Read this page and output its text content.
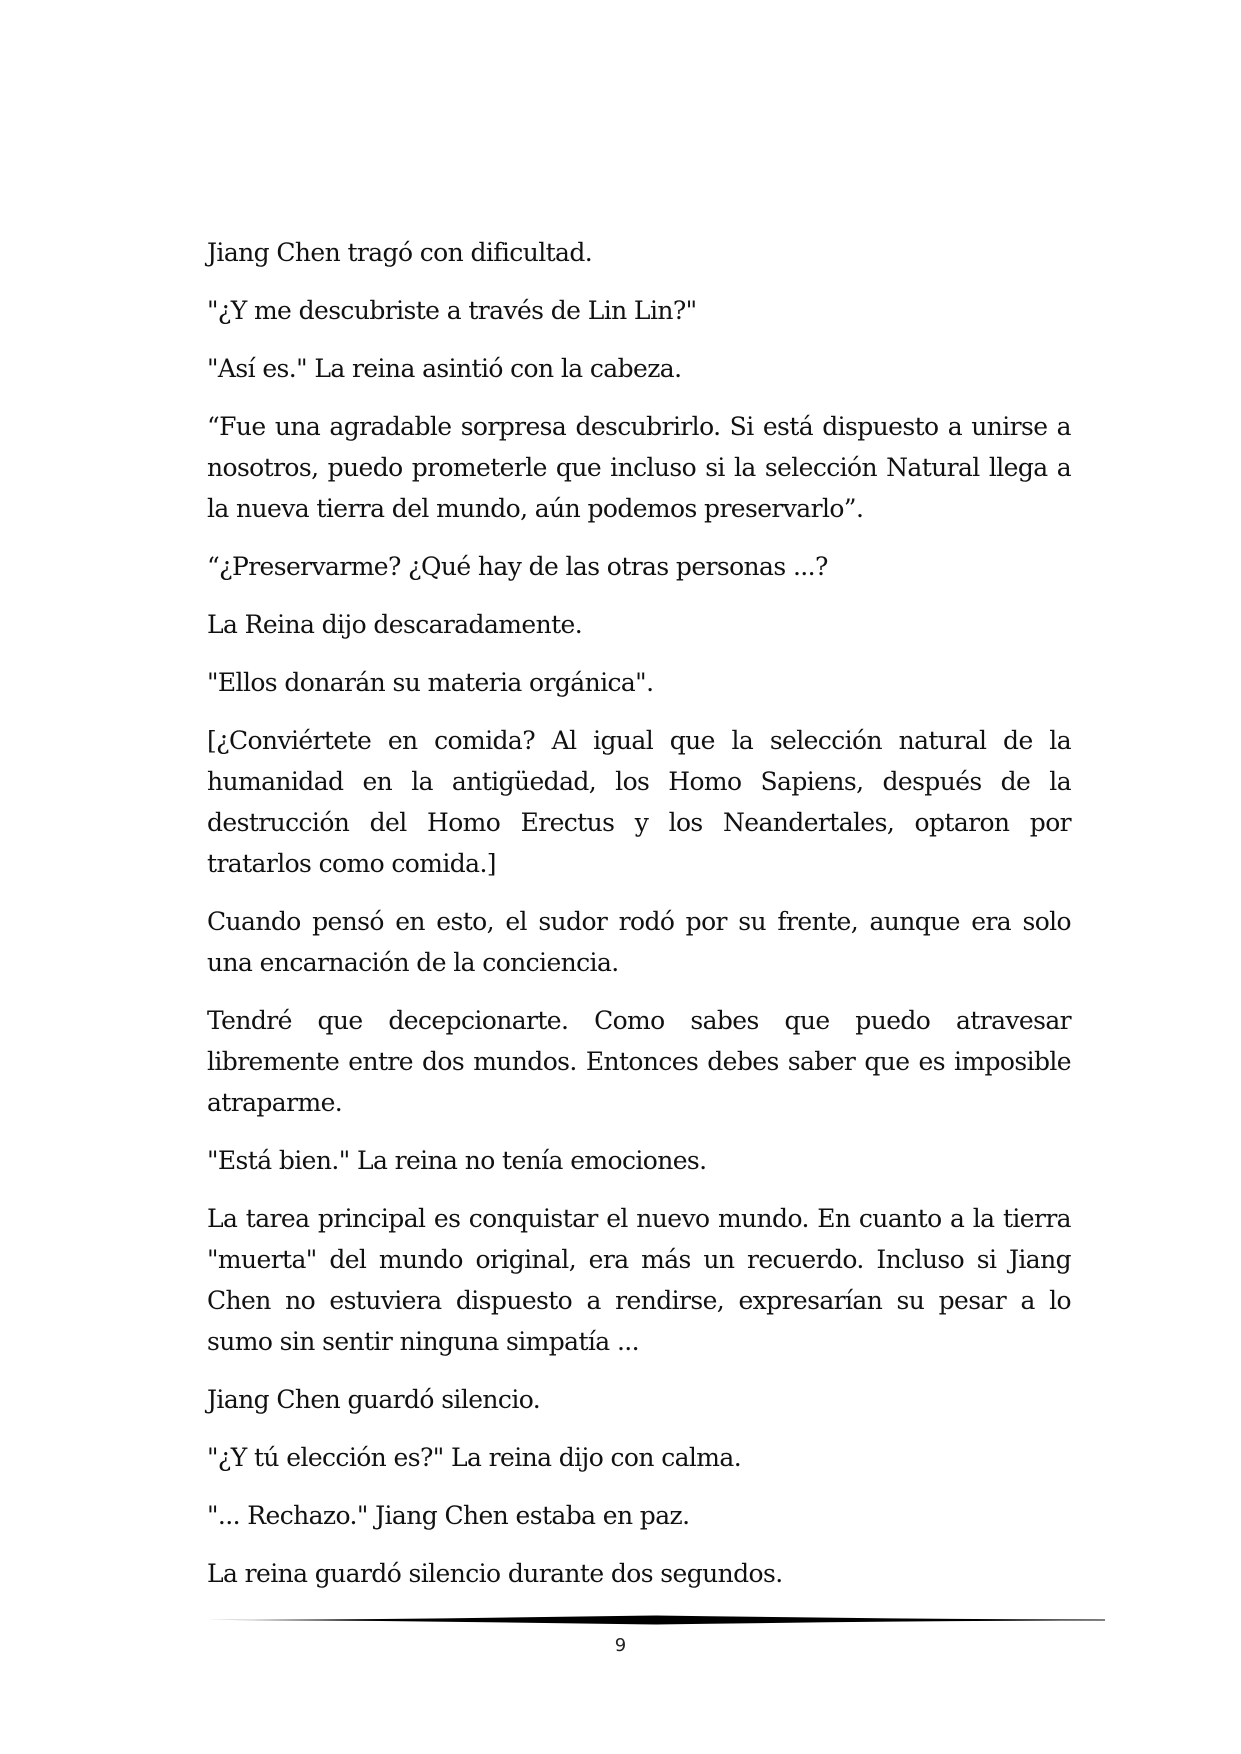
Jiang Chen tragó con dificultad.

"¿Y me descubriste a través de Lin Lin?"

"Así es." La reina asintió con la cabeza.

“Fue una agradable sorpresa descubrirlo. Si está dispuesto a unirse a nosotros, puedo prometerle que incluso si la selección Natural llega a la nueva tierra del mundo, aún podemos preservarlo”.

“¿Preservarme? ¿Qué hay de las otras personas ...?

La Reina dijo descaradamente.

"Ellos donarán su materia orgánica".

[¿Conviértete en comida? Al igual que la selección natural de la humanidad en la antigüedad, los Homo Sapiens, después de la destrucción del Homo Erectus y los Neandertales, optaron por tratarlos como comida.]

Cuando pensó en esto, el sudor rodó por su frente, aunque era solo una encarnación de la conciencia.

Tendré que decepcionarte. Como sabes que puedo atravesar libremente entre dos mundos. Entonces debes saber que es imposible atraparme.

"Está bien." La reina no tenía emociones.

La tarea principal es conquistar el nuevo mundo. En cuanto a la tierra "muerta" del mundo original, era más un recuerdo. Incluso si Jiang Chen no estuviera dispuesto a rendirse, expresarían su pesar a lo sumo sin sentir ninguna simpatía ...

Jiang Chen guardó silencio.

"¿Y tú elección es?" La reina dijo con calma.

"... Rechazo." Jiang Chen estaba en paz.

La reina guardó silencio durante dos segundos.

9
